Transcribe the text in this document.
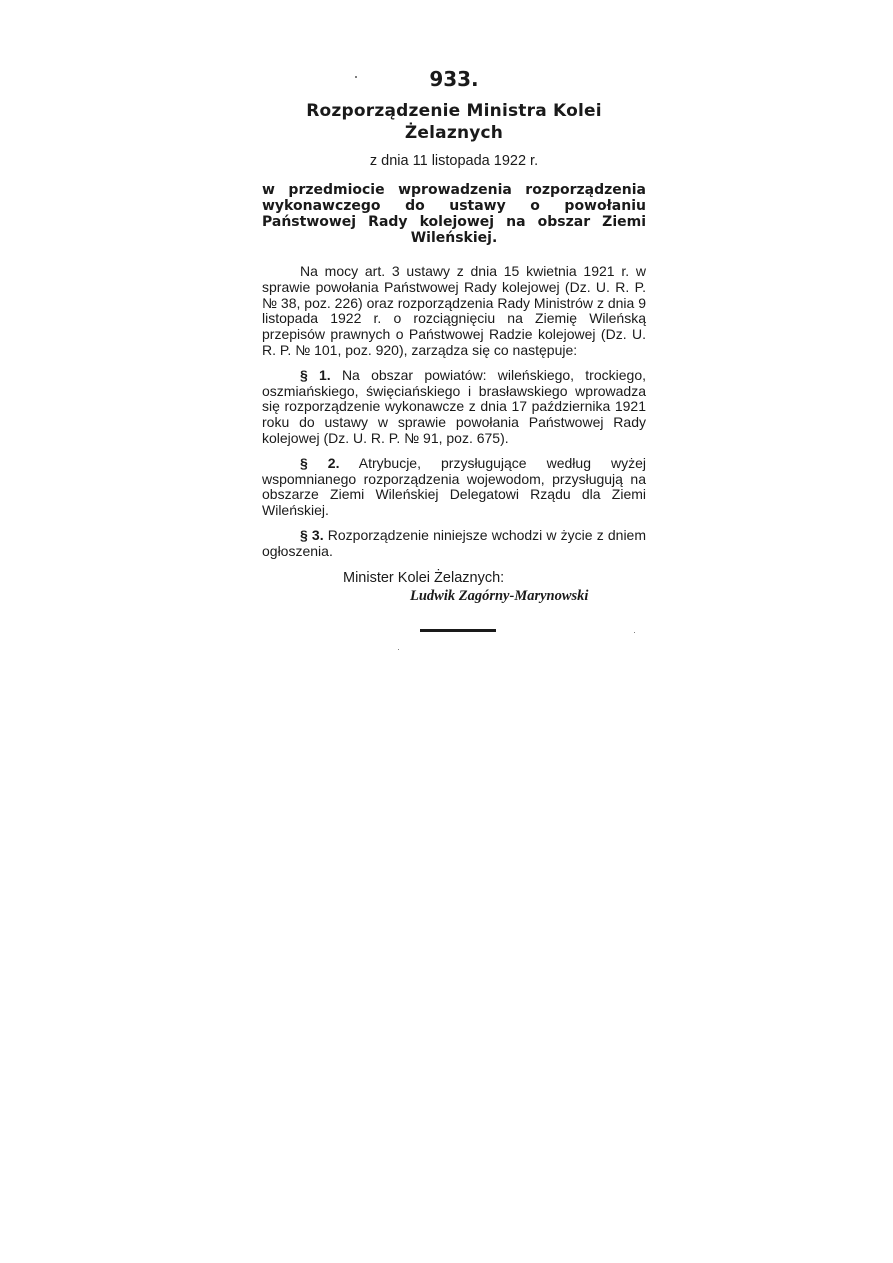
933.
Rozporządzenie Ministra Kolei Żelaznych
z dnia 11 listopada 1922 r.
w przedmiocie wprowadzenia rozporządzenia wykonawczego do ustawy o powołaniu Państwowej Rady kolejowej na obszar Ziemi Wileńskiej.
Na mocy art. 3 ustawy z dnia 15 kwietnia 1921 r. w sprawie powołania Państwowej Rady kolejowej (Dz. U. R. P. № 38, poz. 226) oraz rozporządzenia Rady Ministrów z dnia 9 listopada 1922 r. o rozciągnięciu na Ziemię Wileńską przepisów prawnych o Państwowej Radzie kolejowej (Dz. U. R. P. № 101, poz. 920), zarządza się co następuje:
§ 1. Na obszar powiatów: wileńskiego, trockiego, oszmiańskiego, święciańskiego i brasławskiego wprowadza się rozporządzenie wykonawcze z dnia 17 października 1921 roku do ustawy w sprawie powołania Państwowej Rady kolejowej (Dz. U. R. P. № 91, poz. 675).
§ 2. Atrybucje, przysługujące według wyżej wspomnianego rozporządzenia wojewodom, przysługują na obszarze Ziemi Wileńskiej Delegatowi Rządu dla Ziemi Wileńskiej.
§ 3. Rozporządzenie niniejsze wchodzi w życie z dniem ogłoszenia.
Minister Kolei Żelaznych:
Ludwik Zagórny-Marynowski
